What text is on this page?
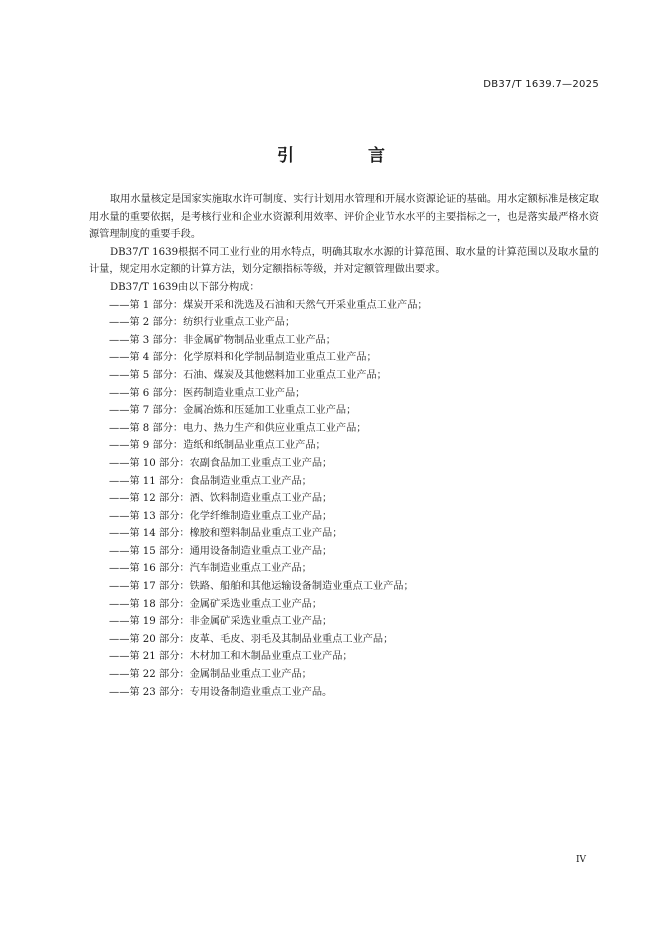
DB37/T 1639.7—2025
引 言

取用水量核定是国家实施取水许可制度、实行计划用水管理和开展水资源论证的基础。用水定额标准是核定取用水量的重要依据，是考核行业和企业水资源利用效率、评价企业节水水平的主要指标之一，也是落实最严格水资源管理制度的重要手段。

DB37/T 1639根据不同工业行业的用水特点，明确其取水水源的计算范围、取水量的计算范围以及取水量的计量，规定用水定额的计算方法，划分定额指标等级，并对定额管理做出要求。

DB37/T 1639由以下部分构成：

——第 1 部分：煤炭开采和洗选及石油和天然气开采业重点工业产品；

——第 2 部分：纺织行业重点工业产品；

——第 3 部分：非金属矿物制品业重点工业产品；

——第 4 部分：化学原料和化学制品制造业重点工业产品；

——第 5 部分：石油、煤炭及其他燃料加工业重点工业产品；

——第 6 部分：医药制造业重点工业产品；

——第 7 部分：金属冶炼和压延加工业重点工业产品；

——第 8 部分：电力、热力生产和供应业重点工业产品；

——第 9 部分：造纸和纸制品业重点工业产品；

——第 10 部分：农副食品加工业重点工业产品；

——第 11 部分：食品制造业重点工业产品；

——第 12 部分：酒、饮料制造业重点工业产品；

——第 13 部分：化学纤维制造业重点工业产品；

——第 14 部分：橡胶和塑料制品业重点工业产品；

——第 15 部分：通用设备制造业重点工业产品；

——第 16 部分：汽车制造业重点工业产品；

——第 17 部分：铁路、船舶和其他运输设备制造业重点工业产品；

——第 18 部分：金属矿采选业重点工业产品；

——第 19 部分：非金属矿采选业重点工业产品；

——第 20 部分：皮革、毛皮、羽毛及其制品业重点工业产品；

——第 21 部分：木材加工和木制品业重点工业产品；

——第 22 部分：金属制品业重点工业产品；

——第 23 部分：专用设备制造业重点工业产品。

IV
